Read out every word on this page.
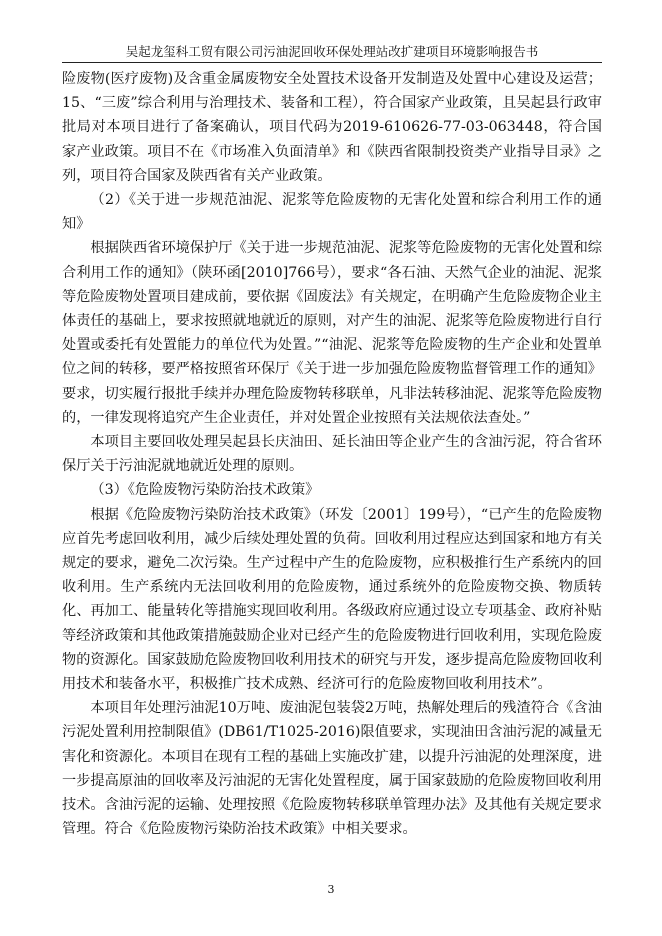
吴起龙玺科工贸有限公司污油泥回收环保处理站改扩建项目环境影响报告书

险废物(医疗废物)及含重金属废物安全处置技术设备开发制造及处置中心建设及运营；15、“三废”综合利用与治理技术、装备和工程），符合国家产业政策，且吴起县行政审批局对本项目进行了备案确认，项目代码为2019-610626-77-03-063448，符合国家产业政策。项目不在《市场准入负面清单》和《陕西省限制投资类产业指导目录》之列，项目符合国家及陕西省有关产业政策。

（2）《关于进一步规范油泥、泥浆等危险废物的无害化处置和综合利用工作的通知》

根据陕西省环境保护厅《关于进一步规范油泥、泥浆等危险废物的无害化处置和综合利用工作的通知》（陕环函[2010]766号），要求“各石油、天然气企业的油泥、泥浆等危险废物处置项目建成前，要依据《固废法》有关规定，在明确产生危险废物企业主体责任的基础上，要求按照就地就近的原则，对产生的油泥、泥浆等危险废物进行自行处置或委托有处置能力的单位代为处置。”“油泥、泥浆等危险废物的生产企业和处置单位之间的转移，要严格按照省环保厅《关于进一步加强危险废物监督管理工作的通知》要求，切实履行报批手续并办理危险废物转移联单，凡非法转移油泥、泥浆等危险废物的，一律发现将追究产生企业责任，并对处置企业按照有关法规依法查处。”

本项目主要回收处理吴起县长庆油田、延长油田等企业产生的含油污泥，符合省环保厅关于污油泥就地就近处理的原则。

（3）《危险废物污染防治技术政策》

根据《危险废物污染防治技术政策》（环发〔2001〕199号），“已产生的危险废物应首先考虑回收利用，减少后续处理处置的负荷。回收利用过程应达到国家和地方有关规定的要求，避免二次污染。生产过程中产生的危险废物，应积极推行生产系统内的回收利用。生产系统内无法回收利用的危险废物，通过系统外的危险废物交换、物质转化、再加工、能量转化等措施实现回收利用。各级政府应通过设立专项基金、政府补贴等经济政策和其他政策措施鼓励企业对已经产生的危险废物进行回收利用，实现危险废物的资源化。国家鼓励危险废物回收利用技术的研究与开发，逐步提高危险废物回收利用技术和装备水平，积极推广技术成熟、经济可行的危险废物回收利用技术”。

本项目年处理污油泥10万吨、废油泥包装袋2万吨，热解处理后的残渣符合《含油污泥处置利用控制限值》(DB61/T1025-2016)限值要求，实现油田含油污泥的减量无害化和资源化。本项目在现有工程的基础上实施改扩建，以提升污油泥的处理深度，进一步提高原油的回收率及污油泥的无害化处置程度，属于国家鼓励的危险废物回收利用技术。含油污泥的运输、处理按照《危险废物转移联单管理办法》及其他有关规定要求管理。符合《危险废物污染防治技术政策》中相关要求。

3
